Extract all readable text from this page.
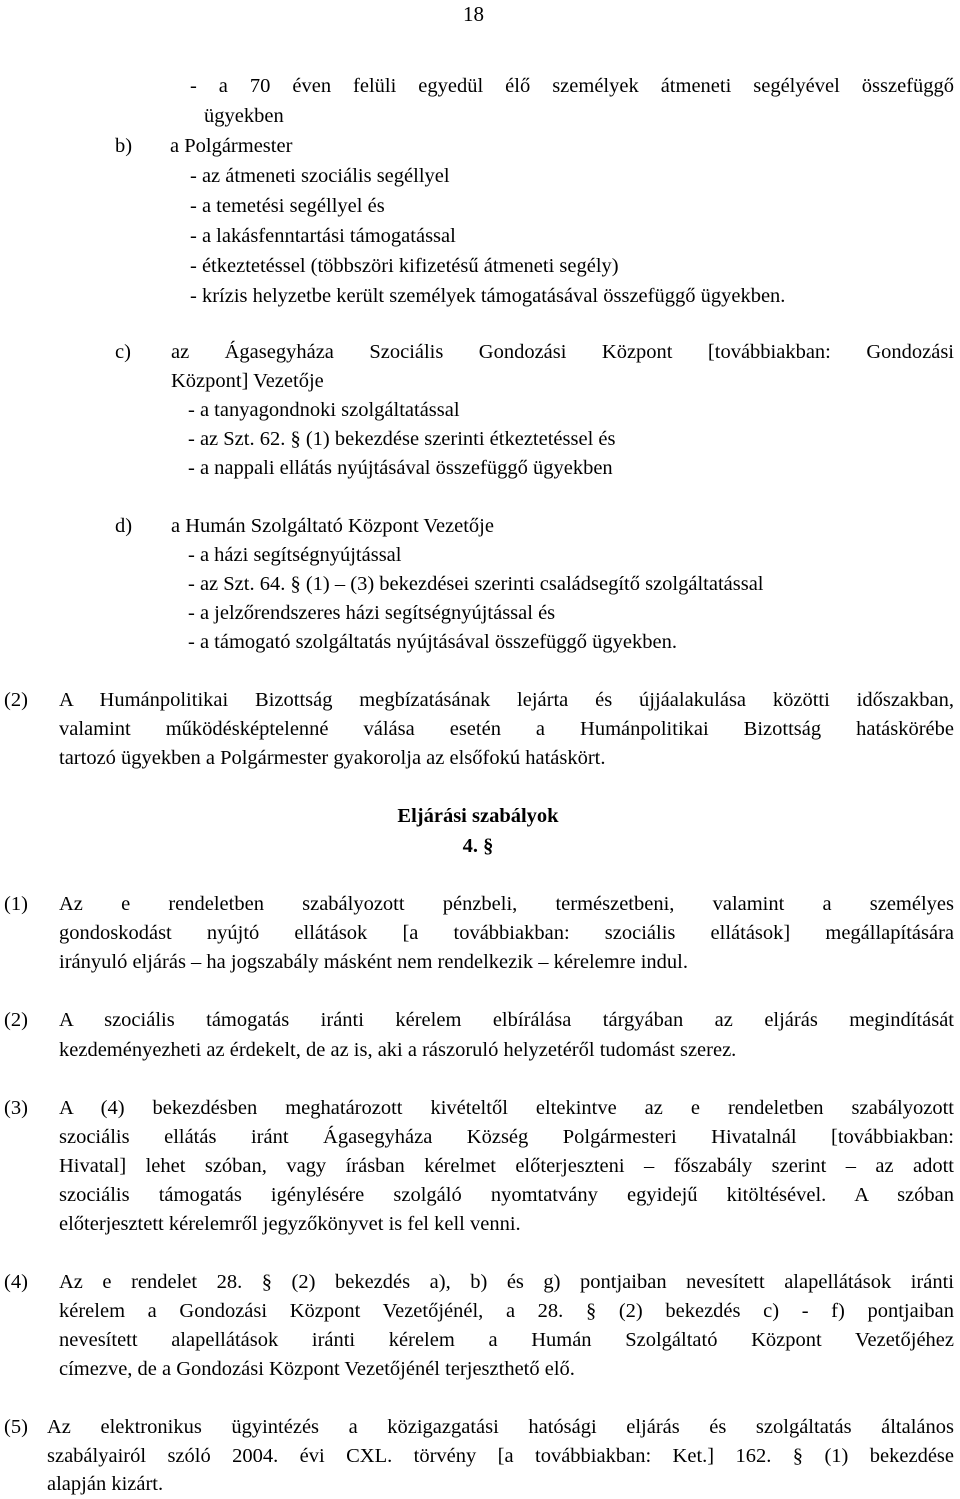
18
- a 70 éven felüli egyedül élő személyek átmeneti segélyével összefüggő
ügyekben
b) a Polgármester
- az átmeneti szociális segéllyel
- a temetési segéllyel és
- a lakásfenntartási támogatással
- étkeztetéssel (többszöri kifizetésű átmeneti segély)
- krízis helyzetbe került személyek támogatásával összefüggő ügyekben.
c) az Ágasegyháza Szociális Gondozási Központ [továbbiakban: Gondozási
Központ] Vezetője
- a tanyagondnoki szolgáltatással
- az Szt. 62. § (1) bekezdése szerinti étkeztetéssel és
- a nappali ellátás nyújtásával összefüggő ügyekben
d) a Humán Szolgáltató Központ Vezetője
- a házi segítségnyújtással
- az Szt. 64. § (1) – (3) bekezdései szerinti családsegítő szolgáltatással
- a jelzőrendszeres házi segítségnyújtással és
- a támogató szolgáltatás nyújtásával összefüggő ügyekben.
(2) A Humánpolitikai Bizottság megbízatásának lejárta és újjáalakulása közötti időszakban,
valamint működésképtelenné válása esetén a Humánpolitikai Bizottság hatáskörébe
tartozó ügyekben a Polgármester gyakorolja az elsőfokú hatáskört.
Eljárási szabályok
4. §
(1) Az e rendeletben szabályozott pénzbeli, természetbeni, valamint a személyes
gondoskodást nyújtó ellátások [a továbbiakban: szociális ellátások] megállapítására
irányuló eljárás – ha jogszabály másként nem rendelkezik – kérelemre indul.
(2) A szociális támogatás iránti kérelem elbírálása tárgyában az eljárás megindítását
kezdeményezheti az érdekelt, de az is, aki a rászoruló helyzetéről tudomást szerez.
(3) A (4) bekezdésben meghatározott kivételtől eltekintve az e rendeletben szabályozott
szociális ellátás iránt Ágasegyháza Község Polgármesteri Hivatalnál [továbbiakban:
Hivatal] lehet szóban, vagy írásban kérelmet előterjeszteni – főszabály szerint – az adott
szociális támogatás igénylésére szolgáló nyomtatvány egyidejű kitöltésével. A szóban
előterjesztett kérelemről jegyzőkönyvet is fel kell venni.
(4) Az e rendelet 28. § (2) bekezdés a), b) és g) pontjaiban nevesített alapellátások iránti
kérelem a Gondozási Központ Vezetőjénél, a 28. § (2) bekezdés c) - f) pontjaiban
nevesített alapellátások iránti kérelem a Humán Szolgáltató Központ Vezetőjéhez
címezve, de a Gondozási Központ Vezetőjénél terjeszthető elő.
(5) Az elektronikus ügyintézés a közigazgatási hatósági eljárás és szolgáltatás általános
szabályairól szóló 2004. évi CXL. törvény [a továbbiakban: Ket.] 162. § (1) bekezdése
alapján kizárt.
